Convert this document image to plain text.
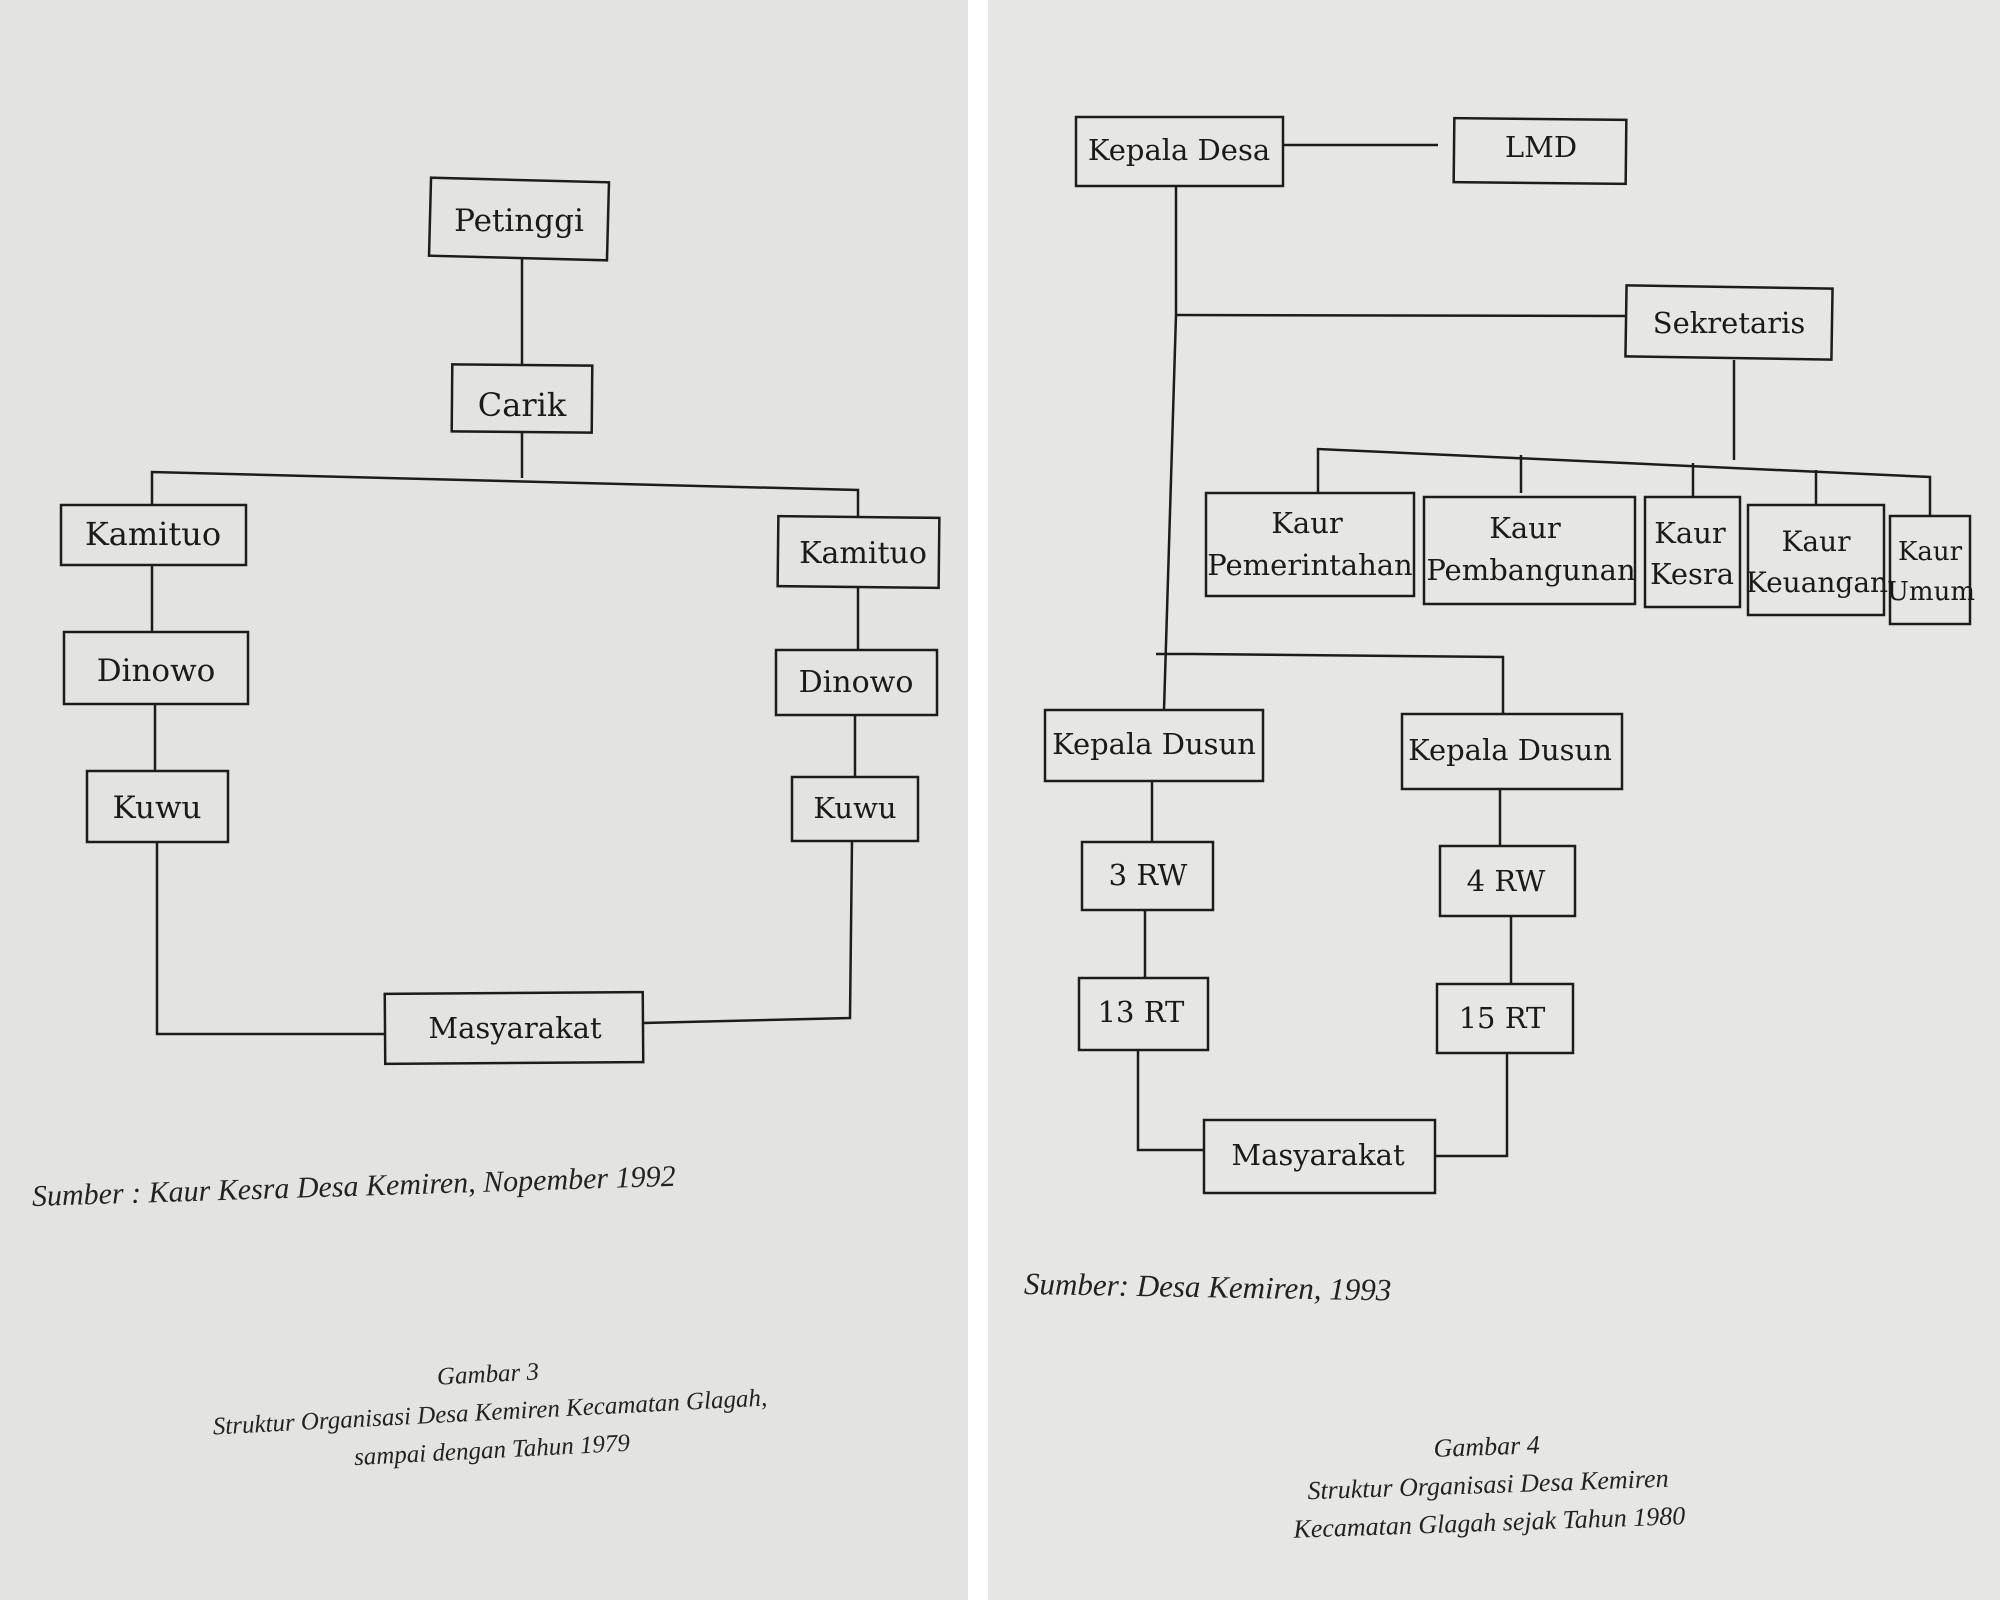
Petinggi
Carik
Kamituo
Kamituo
Dinowo	Dinowo
Kuwu	Kuwu
Masyarakat
Sumber : Kaur Kesra Desa Kemiren, Nopember 1992
Gambar 3
Struktur Organisasi Desa Kemiren Kecamatan Glagah,
sampai dengan Tahun 1979
Kepala Desa	LMD
Sekretaris
Kaur
Pemerintahan
Kaur
Pembangunan
Kaur
Kesra
Kaur
Keuangan
Kaur
Umum
Kepala Dusun	Kepala Dusun
3 RW	4 RW
13 RT	15 RT
Masyarakat
Sumber: Desa Kemiren, 1993
Gambar 4
Struktur Organisasi Desa Kemiren
Kecamatan Glagah sejak Tahun 1980
